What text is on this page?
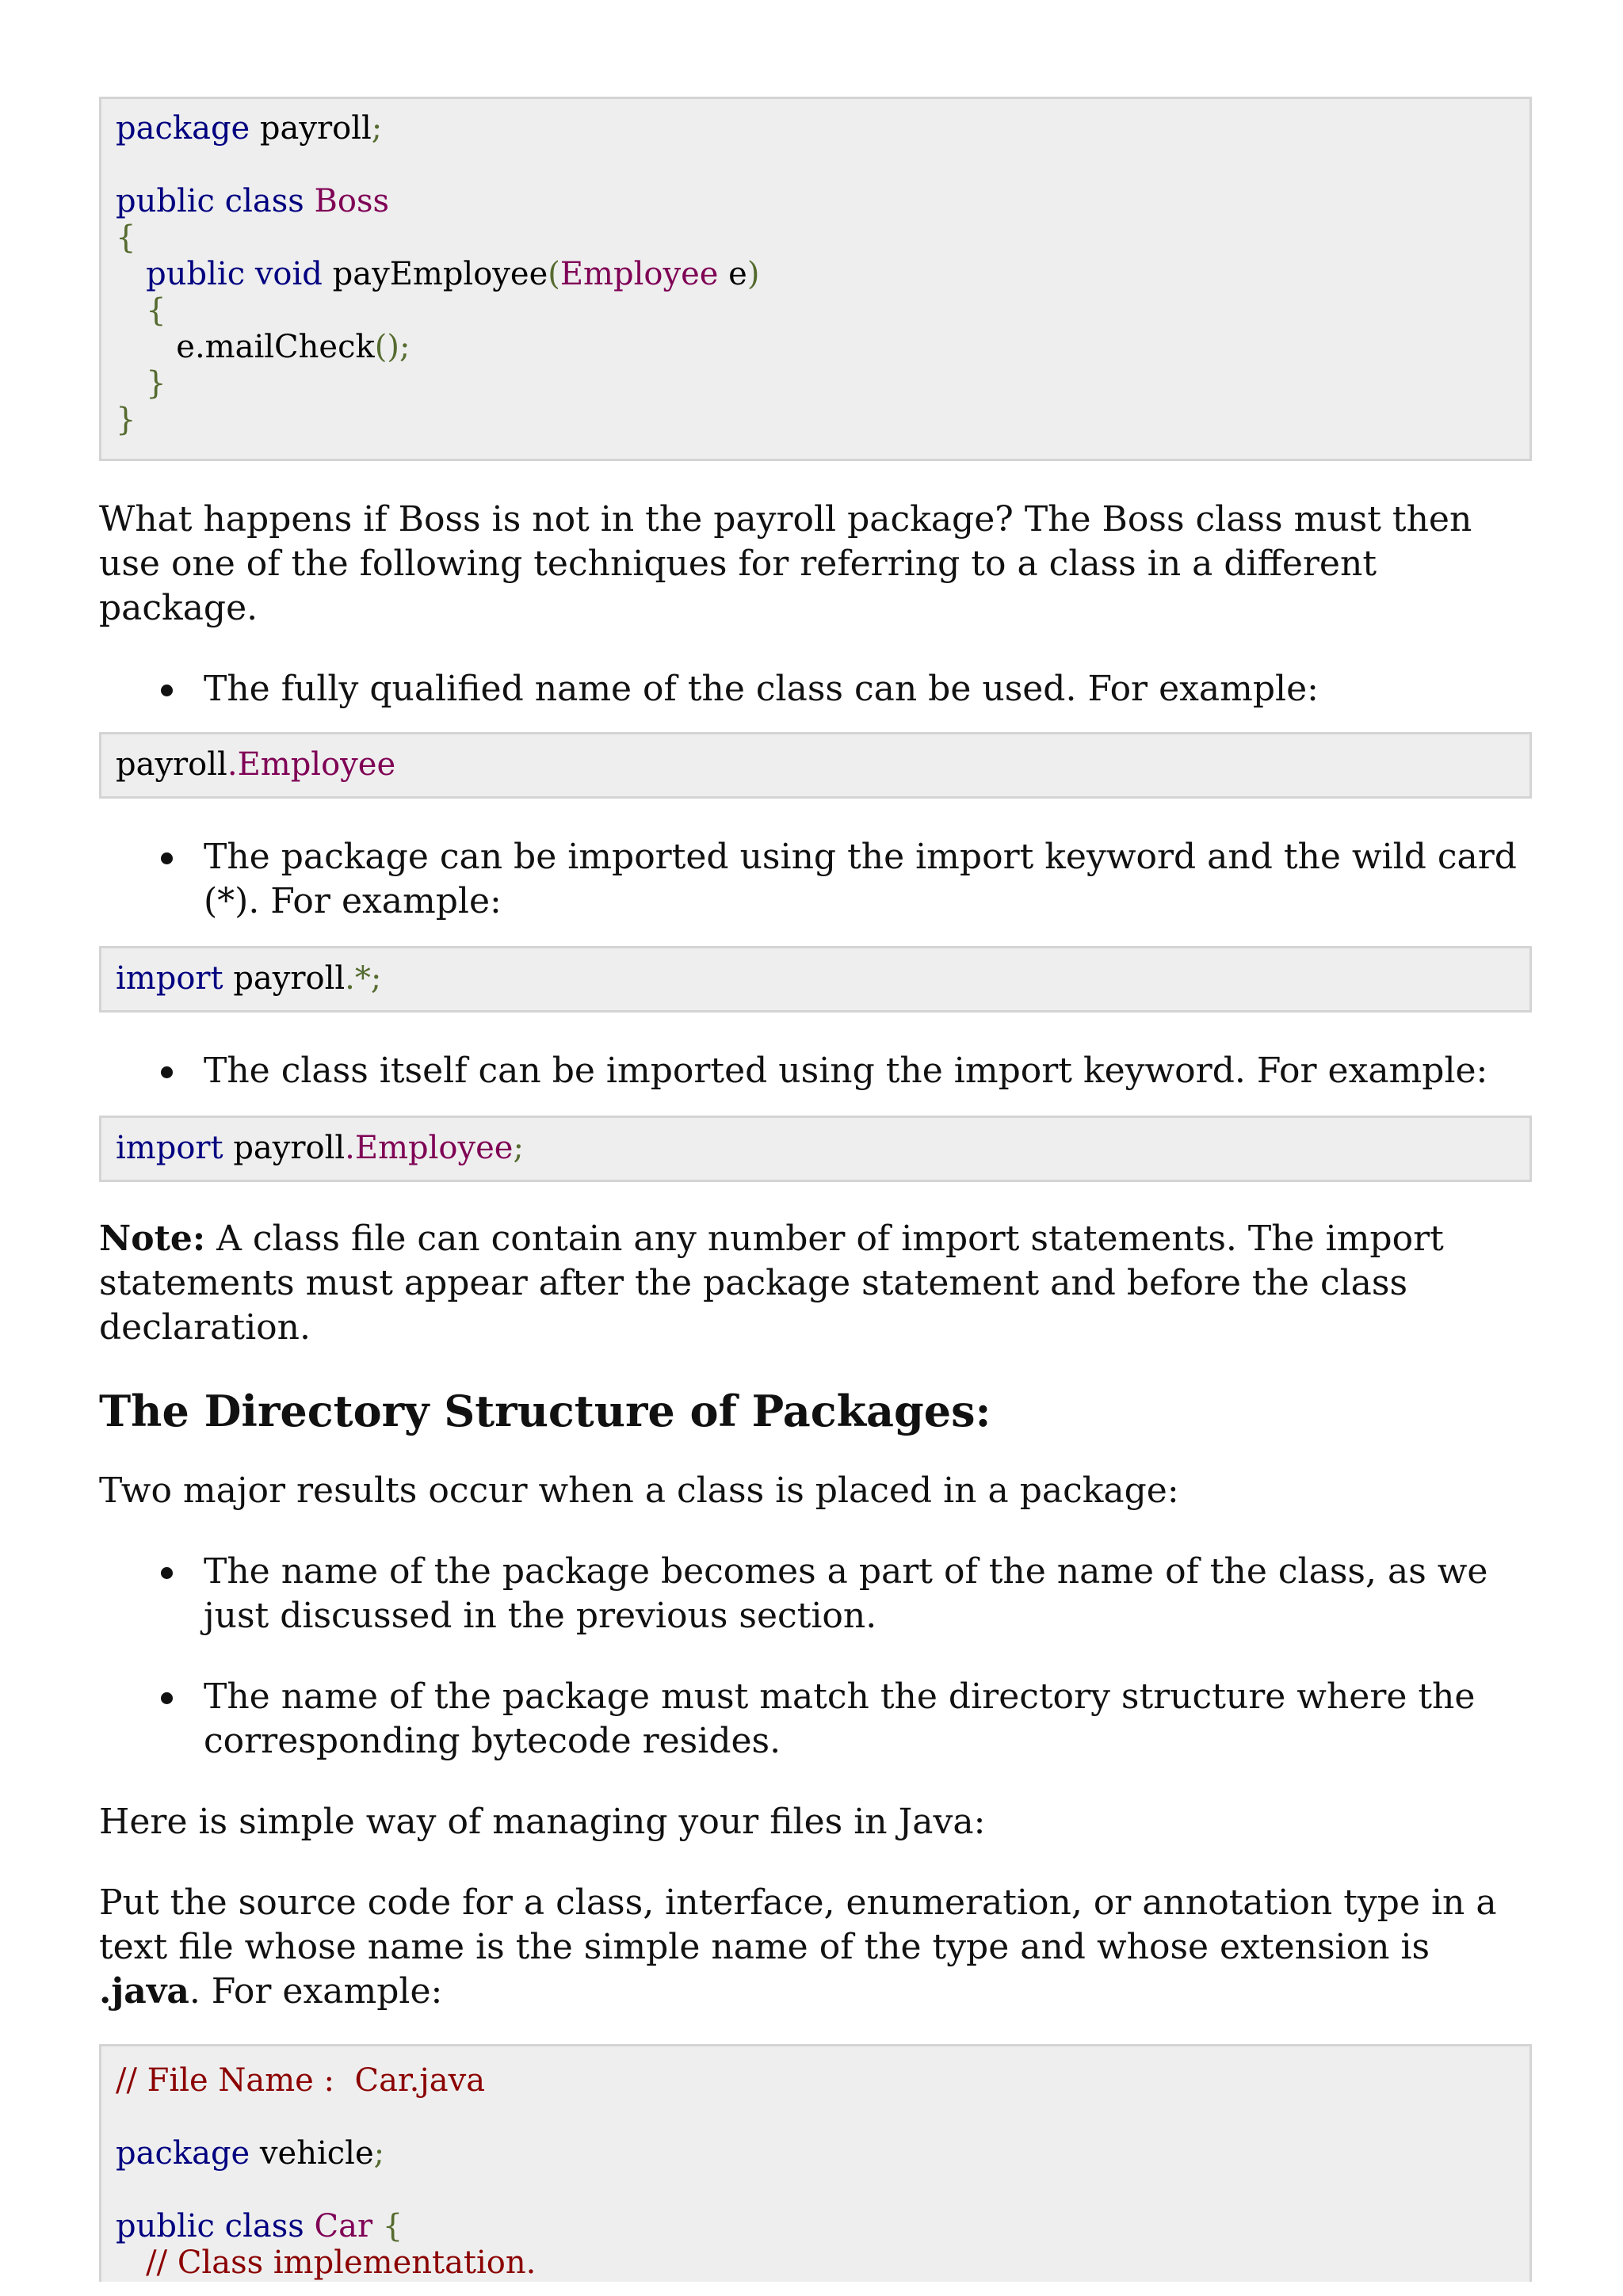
package payroll;

public class Boss
{
public void payEmployee(Employee e)
{
e.mailCheck();
}
}

What happens if Boss is not in the payroll package? The Boss class must then use one of the following techniques for referring to a class in a different package.

The fully qualified name of the class can be used. For example:
payroll.Employee
The package can be imported using the import keyword and the wild card (*). For example:
import payroll.*;
The class itself can be imported using the import keyword. For example:
import payroll.Employee;

Note: A class file can contain any number of import statements. The import statements must appear after the package statement and before the class declaration.

The Directory Structure of Packages:

Two major results occur when a class is placed in a package:

The name of the package becomes a part of the name of the class, as we just discussed in the previous section.
The name of the package must match the directory structure where the corresponding bytecode resides.

Here is simple way of managing your files in Java:

Put the source code for a class, interface, enumeration, or annotation type in a text file whose name is the simple name of the type and whose extension is .java. For example:

// File Name :  Car.java

package vehicle;

public class Car {
// Class implementation.
